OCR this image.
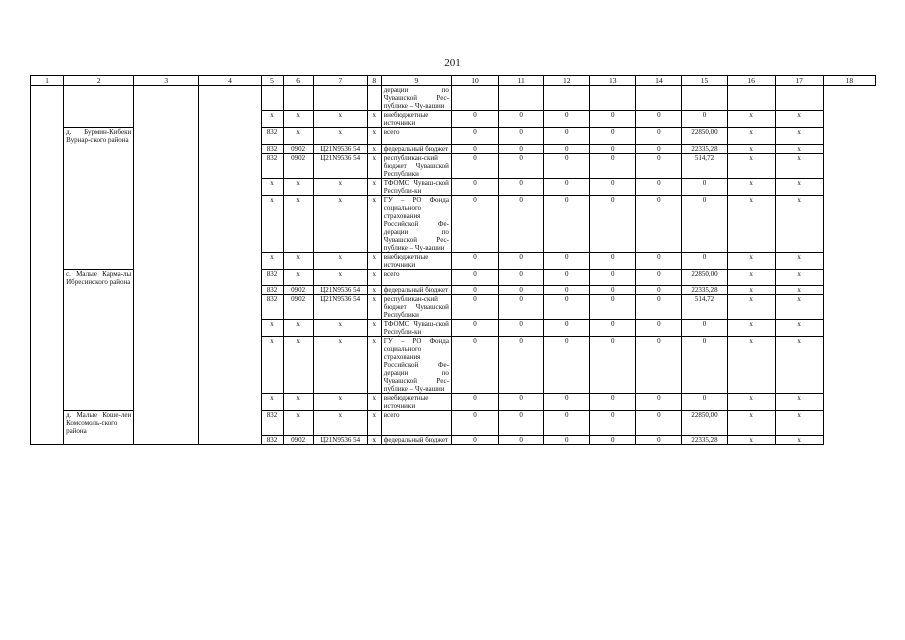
201
1	2	3	4	5	6	7	8	9	10	11	12	13	14	15	16	17	18
								дерации по Чувашской Рес-публике – Чу-вашии									
				x	x	x	x	внебюджетные источники	0	0	0	0	0	0	x	x	
	д. Бурмин-Кибеки Вурнар-ского района			832	x	x	x	всего	0	0	0	0	0	22850,00	x	x	
				832	0902	Ц21N9536 54	x	федеральный бюджет	0	0	0	0	0	22335,28	x	x	
				832	0902	Ц21N9536 54	x	республикан-ский бюджет Чувашской Республики	0	0	0	0	0	514,72	x	x	
				x	x	x	x	ТФОМС Чуваш-ской Республи-ки	0	0	0	0	0	0	x	x	
				x	x	x	x	ГУ – РО Фонда социального страхования Российской Фе-дерации по Чувашской Рес-публике – Чу-вашии	0	0	0	0	0	0	x	x	
				x	x	x	x	внебюджетные источники	0	0	0	0	0	0	x	x	
	с. Малые Карма-лы Ибресинского района			832	x	x	x	всего	0	0	0	0	0	22850,00	x	x	
				832	0902	Ц21N9536 54	x	федеральный бюджет	0	0	0	0	0	22335,28	x	x	
				832	0902	Ц21N9536 54	x	республикан-ский бюджет Чувашской Республики	0	0	0	0	0	514,72	x	x	
				x	x	x	x	ТФОМС Чуваш-ской Республи-ки	0	0	0	0	0	0	x	x	
				x	x	x	x	ГУ – РО Фонда социального страхования Российской Фе-дерации по Чувашской Рес-публике – Чу-вашии	0	0	0	0	0	0	x	x	
				x	x	x	x	внебюджетные источники	0	0	0	0	0	0	x	x	
	д. Малые Кошe-лeи Комсомоль-ского района			832	x	x	x	всего	0	0	0	0	0	22850,00	x	x	
				832	0902	Ц21N9536 54	x	федеральный бюджет	0	0	0	0	0	22335,28	x	x	
